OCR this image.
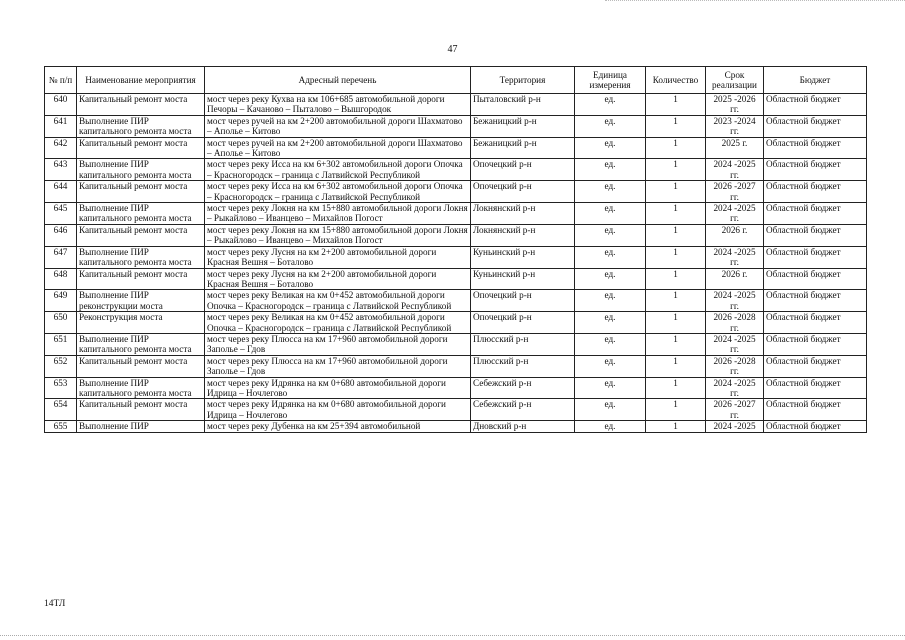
47
№ п/п	Наименование мероприятия	Адресный перечень	Территория	Единица измерения	Количество	Срок реализации	Бюджет
640	Капитальный ремонт моста	мост через реку Кухва на км 106+685 автомобильной дороги Печоры – Качаново – Пыталово – Вышгородок	Пыталовский р-н	ед.	1	2025 -2026 гг.	Областной бюджет
641	Выполнение ПИР капитального ремонта моста	мост через ручей на км 2+200 автомобильной дороги Шахматово – Аполье – Китово	Бежаницкий р-н	ед.	1	2023 -2024 гг.	Областной бюджет
642	Капитальный ремонт моста	мост через ручей на км 2+200 автомобильной дороги Шахматово – Аполье – Китово	Бежаницкий р-н	ед.	1	2025 г.	Областной бюджет
643	Выполнение ПИР капитального ремонта моста	мост через реку Исса на км 6+302 автомобильной дороги Опочка – Красногородск – граница с Латвийской Республикой	Опочецкий р-н	ед.	1	2024 -2025 гг.	Областной бюджет
644	Капитальный ремонт моста	мост через реку Исса на км 6+302 автомобильной дороги Опочка – Красногородск – граница с Латвийской Республикой	Опочецкий р-н	ед.	1	2026 -2027 гг.	Областной бюджет
645	Выполнение ПИР капитального ремонта моста	мост через реку Локня на км 15+880 автомобильной дороги Локня – Рыкайлово – Иванцево – Михайлов Погост	Локнянский р-н	ед.	1	2024 -2025 гг.	Областной бюджет
646	Капитальный ремонт моста	мост через реку Локня на км 15+880 автомобильной дороги Локня – Рыкайлово – Иванцево – Михайлов Погост	Локнянский р-н	ед.	1	2026 г.	Областной бюджет
647	Выполнение ПИР капитального ремонта моста	мост через реку Лусня на км 2+200 автомобильной дороги Красная Вешня – Боталово	Куньинский р-н	ед.	1	2024 -2025 гг.	Областной бюджет
648	Капитальный ремонт моста	мост через реку Лусня на км 2+200 автомобильной дороги Красная Вешня – Боталово	Куньинский р-н	ед.	1	2026 г.	Областной бюджет
649	Выполнение ПИР реконструкции моста	мост через реку Великая на км 0+452 автомобильной дороги Опочка – Красногородск – граница с Латвийской Республикой	Опочецкий р-н	ед.	1	2024 -2025 гг.	Областной бюджет
650	Реконструкция моста	мост через реку Великая на км 0+452 автомобильной дороги Опочка – Красногородск – граница с Латвийской Республикой	Опочецкий р-н	ед.	1	2026 -2028 гг.	Областной бюджет
651	Выполнение ПИР капитального ремонта моста	мост через реку Плюсса на км 17+960 автомобильной дороги Заполье – Гдов	Плюсский р-н	ед.	1	2024 -2025 гг.	Областной бюджет
652	Капитальный ремонт моста	мост через реку Плюсса на км 17+960 автомобильной дороги Заполье – Гдов	Плюсский р-н	ед.	1	2026 -2028 гг.	Областной бюджет
653	Выполнение ПИР капитального ремонта моста	мост через реку Идрянка на км 0+680 автомобильной дороги Идрица – Ночлегово	Себежский р-н	ед.	1	2024 -2025 гг.	Областной бюджет
654	Капитальный ремонт моста	мост через реку Идрянка на км 0+680 автомобильной дороги Идрица – Ночлегово	Себежский р-н	ед.	1	2026 -2027 гг.	Областной бюджет
655	Выполнение ПИР	мост через реку Дубенка на км 25+394 автомобильной	Дновский р-н	ед.	1	2024 -2025	Областной бюджет
14ТЛ
